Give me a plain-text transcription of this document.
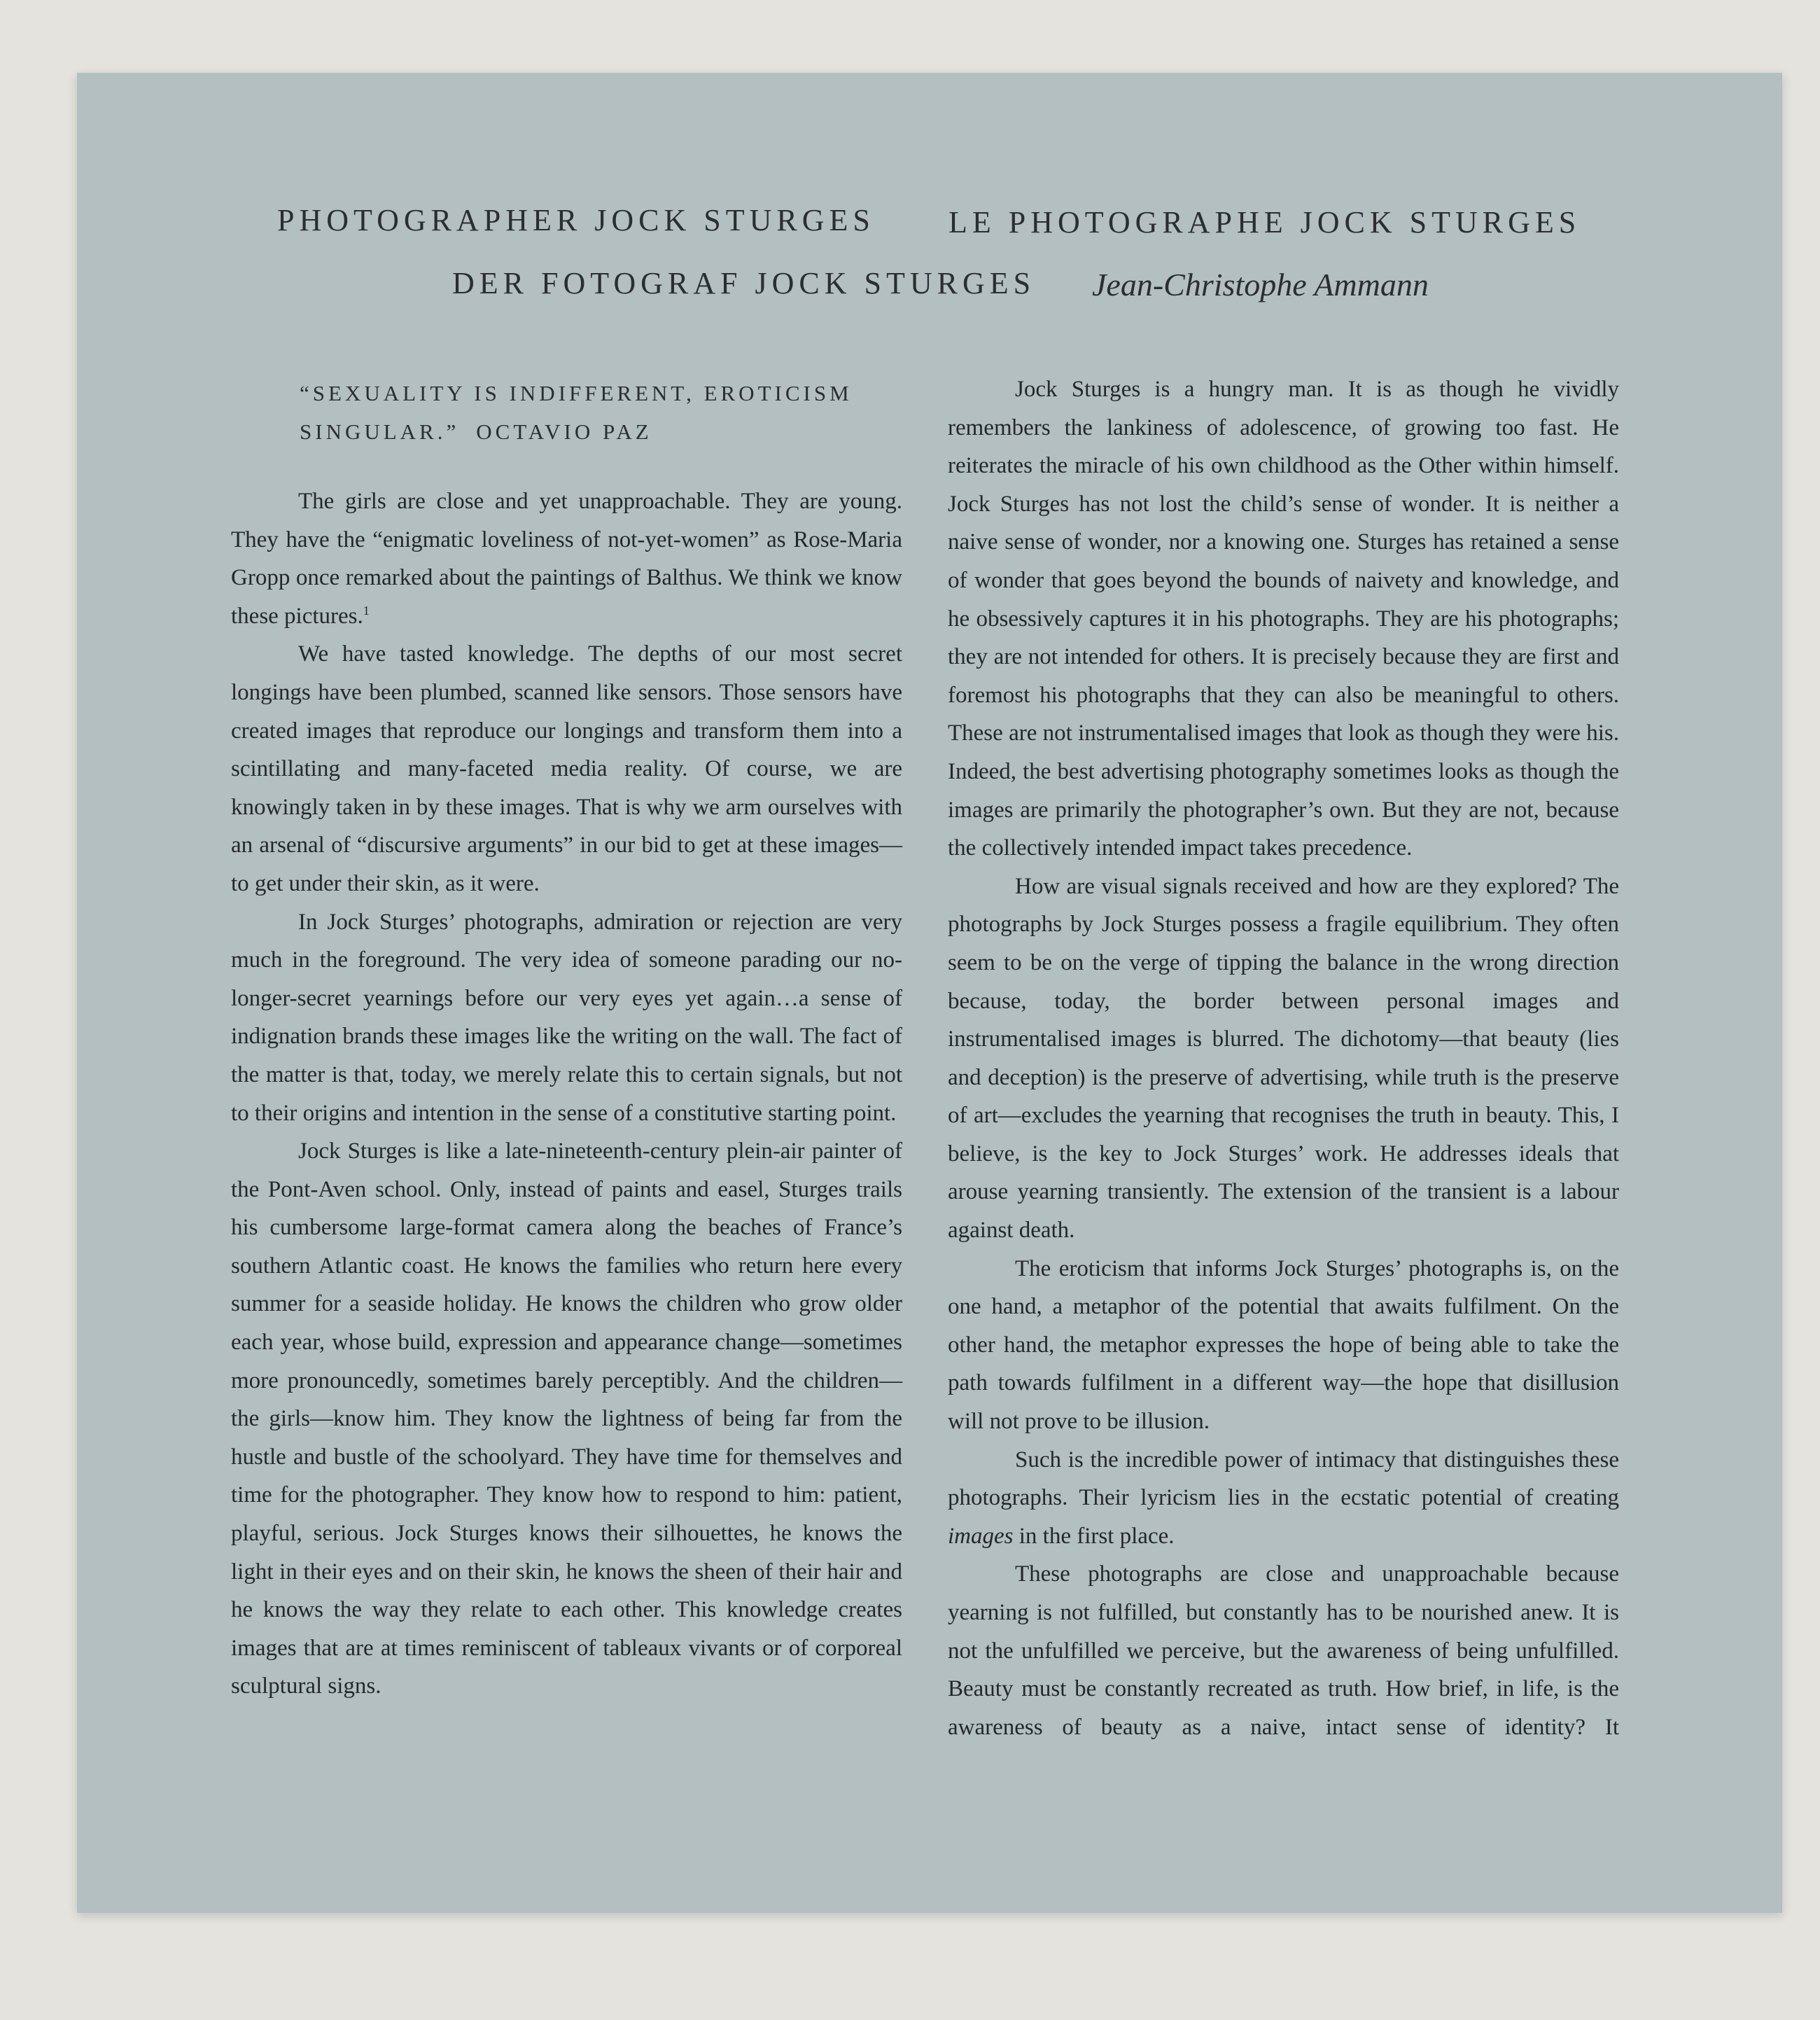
PHOTOGRAPHER JOCK STURGES LE PHOTOGRAPHE JOCK STURGES
DER FOTOGRAF JOCK STURGES Jean-Christophe Ammann
“SEXUALITY IS INDIFFERENT, EROTICISM SINGULAR.” OCTAVIO PAZ

The girls are close and yet unapproachable. They are young. They have the “enigmatic loveliness of not-yet-women” as Rose-Maria Gropp once remarked about the paintings of Balthus. We think we know these pictures.$^1$

We have tasted knowledge. The depths of our most secret longings have been plumbed, scanned like sensors. Those sensors have created images that reproduce our longings and transform them into a scintillating and many-faceted media reality. Of course, we are knowingly taken in by these images. That is why we arm ourselves with an arsenal of “discursive arguments” in our bid to get at these images—to get under their skin, as it were.

In Jock Sturges’ photographs, admiration or rejection are very much in the foreground. The very idea of someone parading our no-longer-secret yearnings before our very eyes yet again…a sense of indignation brands these images like the writing on the wall. The fact of the matter is that, today, we merely relate this to certain signals, but not to their origins and intention in the sense of a constitutive starting point.

Jock Sturges is like a late-nineteenth-century plein-air painter of the Pont-Aven school. Only, instead of paints and easel, Sturges trails his cumbersome large-format camera along the beaches of France’s southern Atlantic coast. He knows the families who return here every summer for a seaside holiday. He knows the children who grow older each year, whose build, expression and appearance change—sometimes more pronouncedly, sometimes barely perceptibly. And the children—the girls—know him. They know the lightness of being far from the hustle and bustle of the schoolyard. They have time for themselves and time for the photographer. They know how to respond to him: patient, playful, serious. Jock Sturges knows their silhouettes, he knows the light in their eyes and on their skin, he knows the sheen of their hair and he knows the way they relate to each other. This knowledge creates images that are at times reminiscent of tableaux vivants or of corporeal sculptural signs.

Jock Sturges is a hungry man. It is as though he vividly remembers the lankiness of adolescence, of growing too fast. He reiterates the miracle of his own childhood as the Other within himself. Jock Sturges has not lost the child’s sense of wonder. It is neither a naive sense of wonder, nor a knowing one. Sturges has retained a sense of wonder that goes beyond the bounds of naivety and knowledge, and he obsessively captures it in his photographs. They are his photographs; they are not intended for others. It is precisely because they are first and foremost his photographs that they can also be meaningful to others. These are not instrumentalised images that look as though they were his. Indeed, the best advertising photography sometimes looks as though the images are primarily the photographer’s own. But they are not, because the collectively intended impact takes precedence.

How are visual signals received and how are they explored? The photographs by Jock Sturges possess a fragile equilibrium. They often seem to be on the verge of tipping the balance in the wrong direction because, today, the border between personal images and instrumentalised images is blurred. The dichotomy—that beauty (lies and deception) is the preserve of advertising, while truth is the preserve of art—excludes the yearning that recognises the truth in beauty. This, I believe, is the key to Jock Sturges’ work. He addresses ideals that arouse yearning transiently. The extension of the transient is a labour against death.

The eroticism that informs Jock Sturges’ photographs is, on the one hand, a metaphor of the potential that awaits fulfilment. On the other hand, the metaphor expresses the hope of being able to take the path towards fulfilment in a different way—the hope that disillusion will not prove to be illusion.

Such is the incredible power of intimacy that distinguishes these photographs. Their lyricism lies in the ecstatic potential of creating images in the first place.

These photographs are close and unapproachable because yearning is not fulfilled, but constantly has to be nourished anew. It is not the unfulfilled we perceive, but the awareness of being unfulfilled. Beauty must be constantly recreated as truth. How brief, in life, is the awareness of beauty as a naive, intact sense of identity? It
